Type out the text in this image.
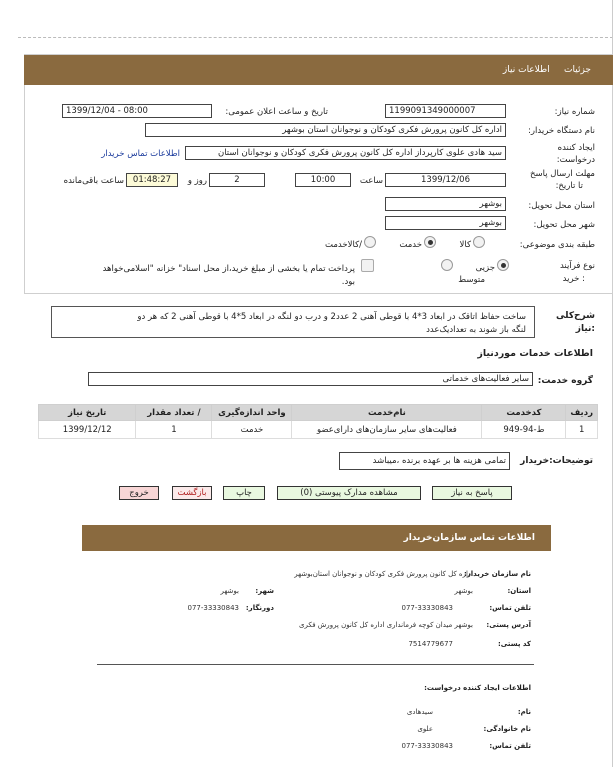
جزئیات     اطلاعات نیاز
شماره نیاز:
1199091349000007
تاریخ و ساعت اعلان عمومی:
1399/12/04 - 08:00
نام دستگاه خریدار:
اداره کل کانون پرورش فکری کودکان و نوجوانان استان بوشهر
ایجاد کننده
درخواست:
سید هادی علوی کارپرداز اداره کل کانون پرورش فکری کودکان و نوجوانان استان
اطلاعات تماس خریدار
مهلت ارسال پاسخ
تا تاریخ:
1399/12/06
ساعت
10:00
2
روز و
01:48:27
ساعت باقی‌مانده
استان محل تحویل:
بوشهر
شهر محل تحویل:
بوشهر
طبقه بندی موضوعی:
کالا
خدمت
/کالاخدمت
نوع فرآیند
: خرید
جزیی
متوسط
پرداخت تمام یا بخشی از مبلغ خرید،از محل اسناد" خزانه "اسلامی‌خواهد
بود.
شرح‌کلی
:نیاز
ساخت حفاظ اتاقک در ابعاد 3*4 با قوطی آهنی 2 عدد2 و درب دو لنگه در ابعاد 5*4 با قوطی آهنی 2 که هر دو
لنگه باز شوند به تعدادیک‌عدد
اطلاعات خدمات موردنیاز
گروه خدمت:
سایر فعالیت‌های خدماتی
ردیف	کدخدمت	نام‌خدمت	واحد اندازه‌گیری	/ تعداد مقدار	تاریخ نیاز
1	ط-94-949	فعالیت‌های سایر سازمان‌های دارای‌عضو	خدمت	1	1399/12/12
توضیحات:خریدار
تمامی هزینه ها بر عهده برنده ،میباشد
پاسخ به نیاز
مشاهده مدارک پیوستی (0)
چاپ
بازگشت
خروج
اطلاعات تماس سازمان‌خریدار
نام سازمان خریدار:
اداره کل کانون پرورش فکری کودکان و نوجوانان استان‌بوشهر
استان:
بوشهر
شهر:
بوشهر
تلفن تماس:
077-33330843
دورنگار:
077-33330843
آدرس پستی:
بوشهر میدان کوچه فرمانداری اداره کل کانون پرورش فکری
کد پستی:
7514779677
اطلاعات ایجاد کننده درخواست:
نام:
سیدهادی
نام خانوادگی:
علوی
تلفن تماس:
077-33330843
